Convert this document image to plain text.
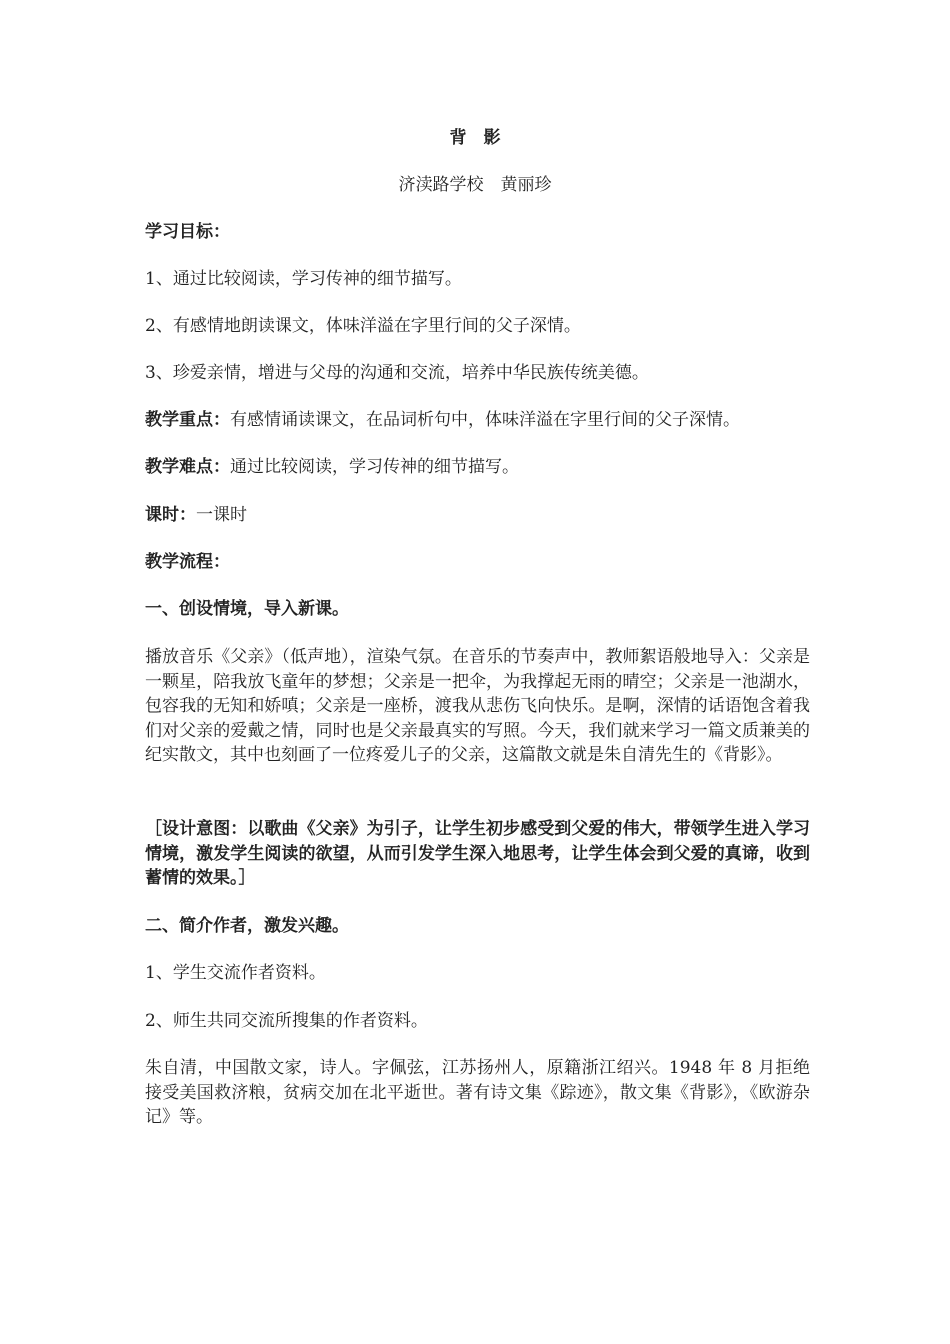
背　影
济渎路学校　黄丽珍
学习目标：
1、通过比较阅读，学习传神的细节描写。
2、有感情地朗读课文，体味洋溢在字里行间的父子深情。
3、珍爱亲情，增进与父母的沟通和交流，培养中华民族传统美德。
教学重点：有感情诵读课文，在品词析句中，体味洋溢在字里行间的父子深情。
教学难点：通过比较阅读，学习传神的细节描写。
课时：一课时
教学流程：
一、创设情境，导入新课。
播放音乐《父亲》（低声地），渲染气氛。在音乐的节奏声中，教师絮语般地导入：父亲是一颗星，陪我放飞童年的梦想；父亲是一把伞，为我撑起无雨的晴空；父亲是一池湖水，包容我的无知和娇嗔；父亲是一座桥，渡我从悲伤飞向快乐。是啊，深情的话语饱含着我们对父亲的爱戴之情，同时也是父亲最真实的写照。今天，我们就来学习一篇文质兼美的纪实散文，其中也刻画了一位疼爱儿子的父亲，这篇散文就是朱自清先生的《背影》。
［设计意图：以歌曲《父亲》为引子，让学生初步感受到父爱的伟大，带领学生进入学习情境，激发学生阅读的欲望，从而引发学生深入地思考，让学生体会到父爱的真谛，收到蓄情的效果。］
二、简介作者，激发兴趣。
1、学生交流作者资料。
2、师生共同交流所搜集的作者资料。
朱自清，中国散文家，诗人。字佩弦，江苏扬州人，原籍浙江绍兴。1948 年 8 月拒绝接受美国救济粮，贫病交加在北平逝世。著有诗文集《踪迹》，散文集《背影》，《欧游杂记》等。
